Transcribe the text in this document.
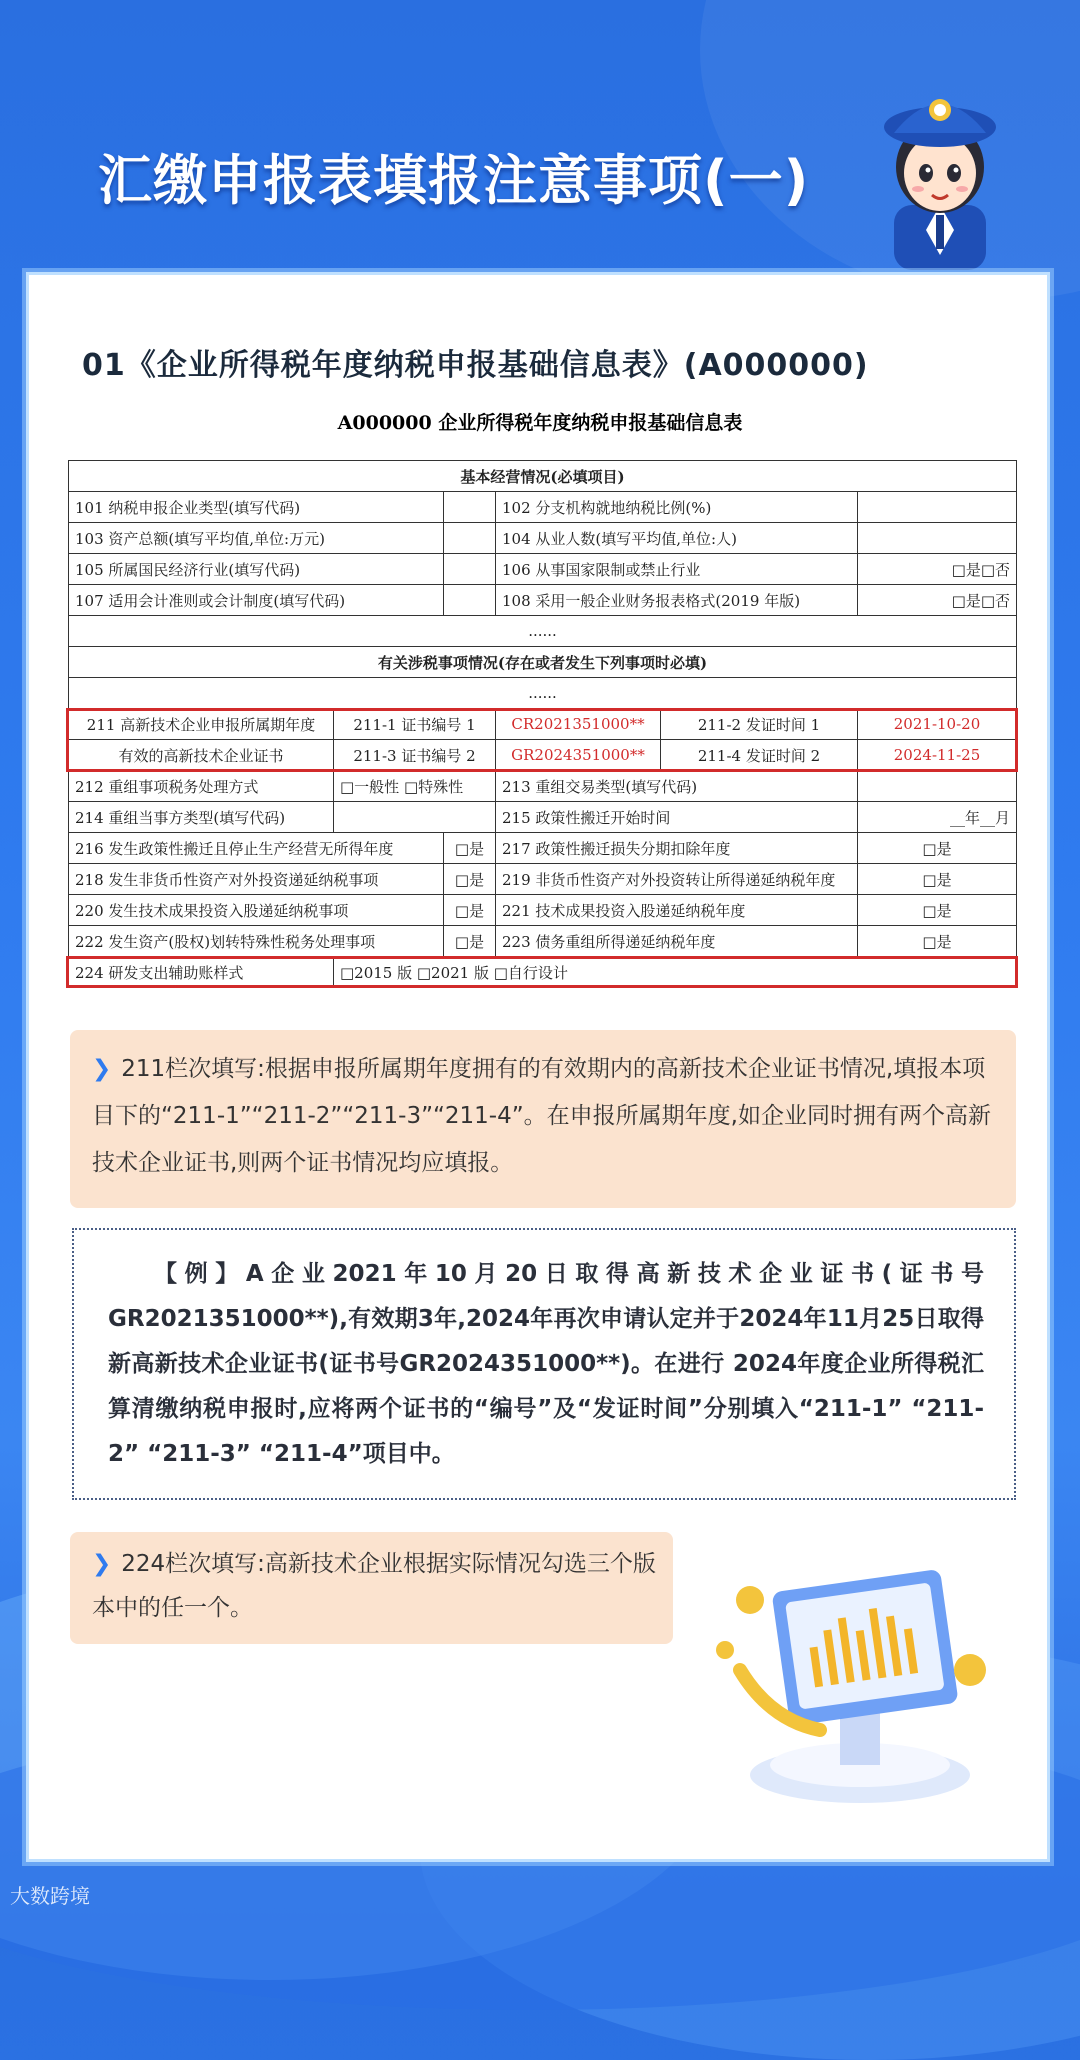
汇缴申报表填报注意事项(一)
01《企业所得税年度纳税申报基础信息表》(A000000)
A000000 企业所得税年度纳税申报基础信息表
基本经营情况(必填项目)					
101 纳税申报企业类型(填写代码)			102 分支机构就地纳税比例(%)		
103 资产总额(填写平均值,单位:万元)			104 从业人数(填写平均值,单位:人)		
105 所属国民经济行业(填写代码)			106 从事国家限制或禁止行业		□是□否
107 适用会计准则或会计制度(填写代码)			108 采用一般企业财务报表格式(2019 年版)		□是□否
......					
有关涉税事项情况(存在或者发生下列事项时必填)					
......					
211 高新技术企业申报所属期年度	211-1 证书编号 1		CR2021351000**	211-2 发证时间 1	2021-10-20
有效的高新技术企业证书	211-3 证书编号 2		GR2024351000**	211-4 发证时间 2	2024-11-25
212 重组事项税务处理方式	□一般性 □特殊性		213 重组交易类型(填写代码)		
214 重组当事方类型(填写代码)			215 政策性搬迁开始时间		__年__月
216 发生政策性搬迁且停止生产经营无所得年度		□是	217 政策性搬迁损失分期扣除年度		□是
218 发生非货币性资产对外投资递延纳税事项		□是	219 非货币性资产对外投资转让所得递延纳税年度		□是
220 发生技术成果投资入股递延纳税事项		□是	221 技术成果投资入股递延纳税年度		□是
222 发生资产(股权)划转特殊性税务处理事项		□是	223 债务重组所得递延纳税年度		□是
224 研发支出辅助账样式	□2015 版 □2021 版 □自行设计				

❯ 211栏次填写:根据申报所属期年度拥有的有效期内的高新技术企业证书情况,填报本项目下的“211-1”“211-2”“211-3”“211-4”。在申报所属期年度,如企业同时拥有两个高新技术企业证书,则两个证书情况均应填报。

【例】A企业2021年10月20日取得高新技术企业证书(证书号GR2021351000**),有效期3年,2024年再次申请认定并于2024年11月25日取得新高新技术企业证书(证书号GR2024351000**)。在进行 2024年度企业所得税汇算清缴纳税申报时,应将两个证书的“编号”及“发证时间”分别填入“211-1” “211-2” “211-3” “211-4”项目中。

❯ 224栏次填写:高新技术企业根据实际情况勾选三个版本中的任一个。

大数跨境
